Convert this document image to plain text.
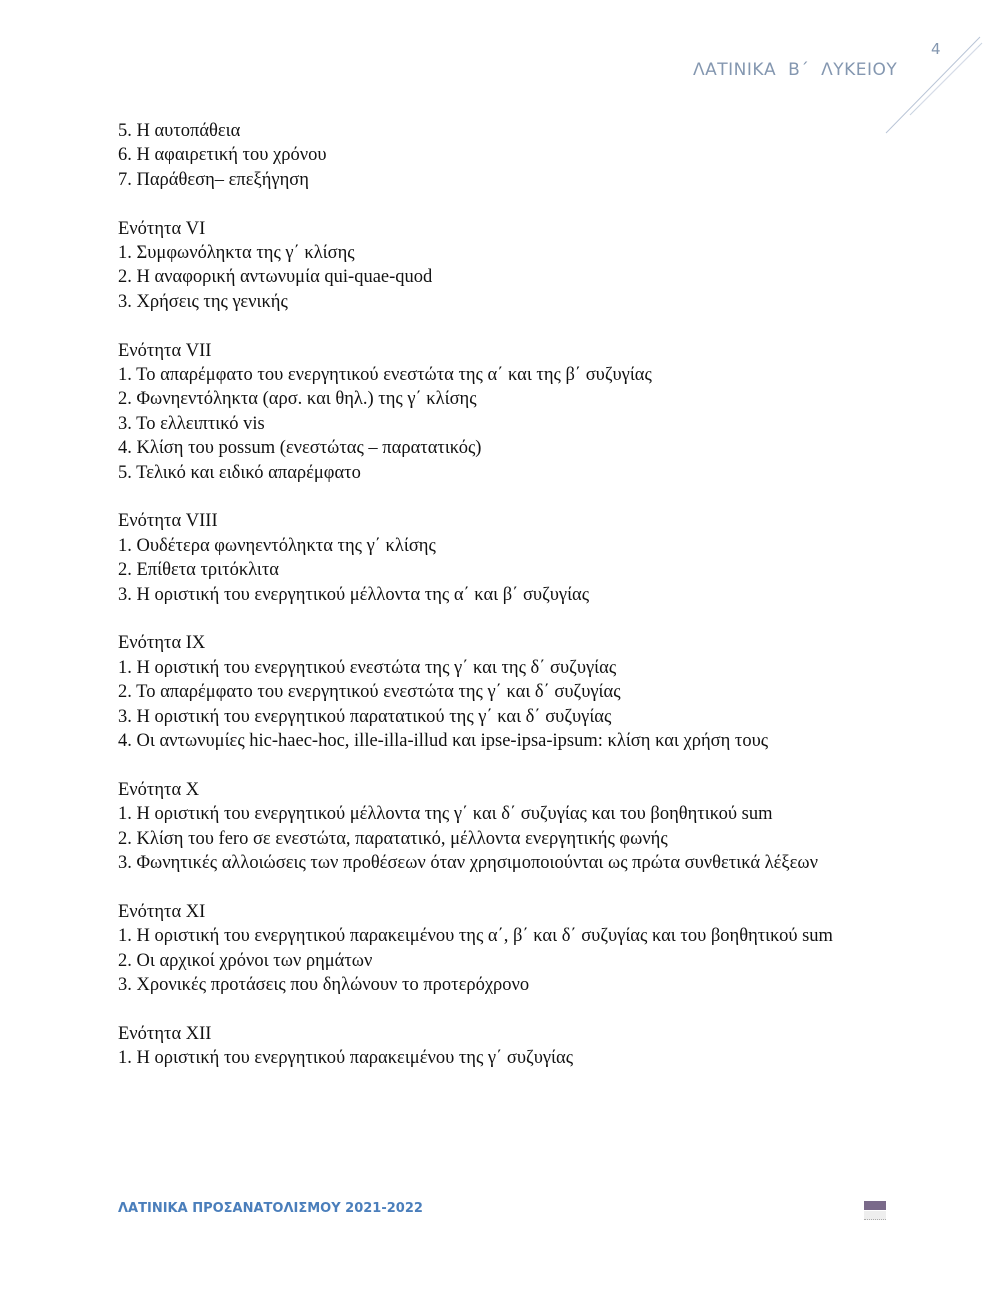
ΛΑΤΙΝΙΚΑ Β΄ ΛΥΚΕΙΟΥ
4
5. Η αυτοπάθεια
6. Η αφαιρετική του χρόνου
7. Παράθεση– επεξήγηση
Ενότητα VI
1. Συμφωνόληκτα της γ΄ κλίσης
2. Η αναφορική αντωνυμία qui-quae-quod
3. Χρήσεις της γενικής
Ενότητα VII
1. Το απαρέμφατο του ενεργητικού ενεστώτα της α΄ και της β΄ συζυγίας
2. Φωνηεντόληκτα (αρσ. και θηλ.) της γ΄ κλίσης
3. Το ελλειπτικό vis
4. Κλίση του possum (ενεστώτας – παρατατικός)
5. Τελικό και ειδικό απαρέμφατο
Ενότητα VIII
1. Ουδέτερα φωνηεντόληκτα της γ΄ κλίσης
2. Επίθετα τριτόκλιτα
3. Η οριστική του ενεργητικού μέλλοντα της α΄ και β΄ συζυγίας
Ενότητα IX
1. Η οριστική του ενεργητικού ενεστώτα της γ΄ και της δ΄ συζυγίας
2. Το απαρέμφατο του ενεργητικού ενεστώτα της γ΄ και δ΄ συζυγίας
3. Η οριστική του ενεργητικού παρατατικού της γ΄ και δ΄ συζυγίας
4. Οι αντωνυμίες hic-haec-hoc, ille-illa-illud και ipse-ipsa-ipsum: κλίση και χρήση τους
Ενότητα X
1. Η οριστική του ενεργητικού μέλλοντα της γ΄ και δ΄ συζυγίας και του βοηθητικού sum
2. Κλίση του fero σε ενεστώτα, παρατατικό, μέλλοντα ενεργητικής φωνής
3. Φωνητικές αλλοιώσεις των προθέσεων όταν χρησιμοποιούνται ως πρώτα συνθετικά λέξεων
Ενότητα XI
1. Η οριστική του ενεργητικού παρακειμένου της α΄, β΄ και δ΄ συζυγίας και του βοηθητικού sum
2. Οι αρχικοί χρόνοι των ρημάτων
3. Χρονικές προτάσεις που δηλώνουν το προτερόχρονο
Ενότητα XII
1. Η οριστική του ενεργητικού παρακειμένου της γ΄ συζυγίας
ΛΑΤΙΝΙΚΑ ΠΡΟΣΑΝΑΤΟΛΙΣΜΟΥ 2021-2022
